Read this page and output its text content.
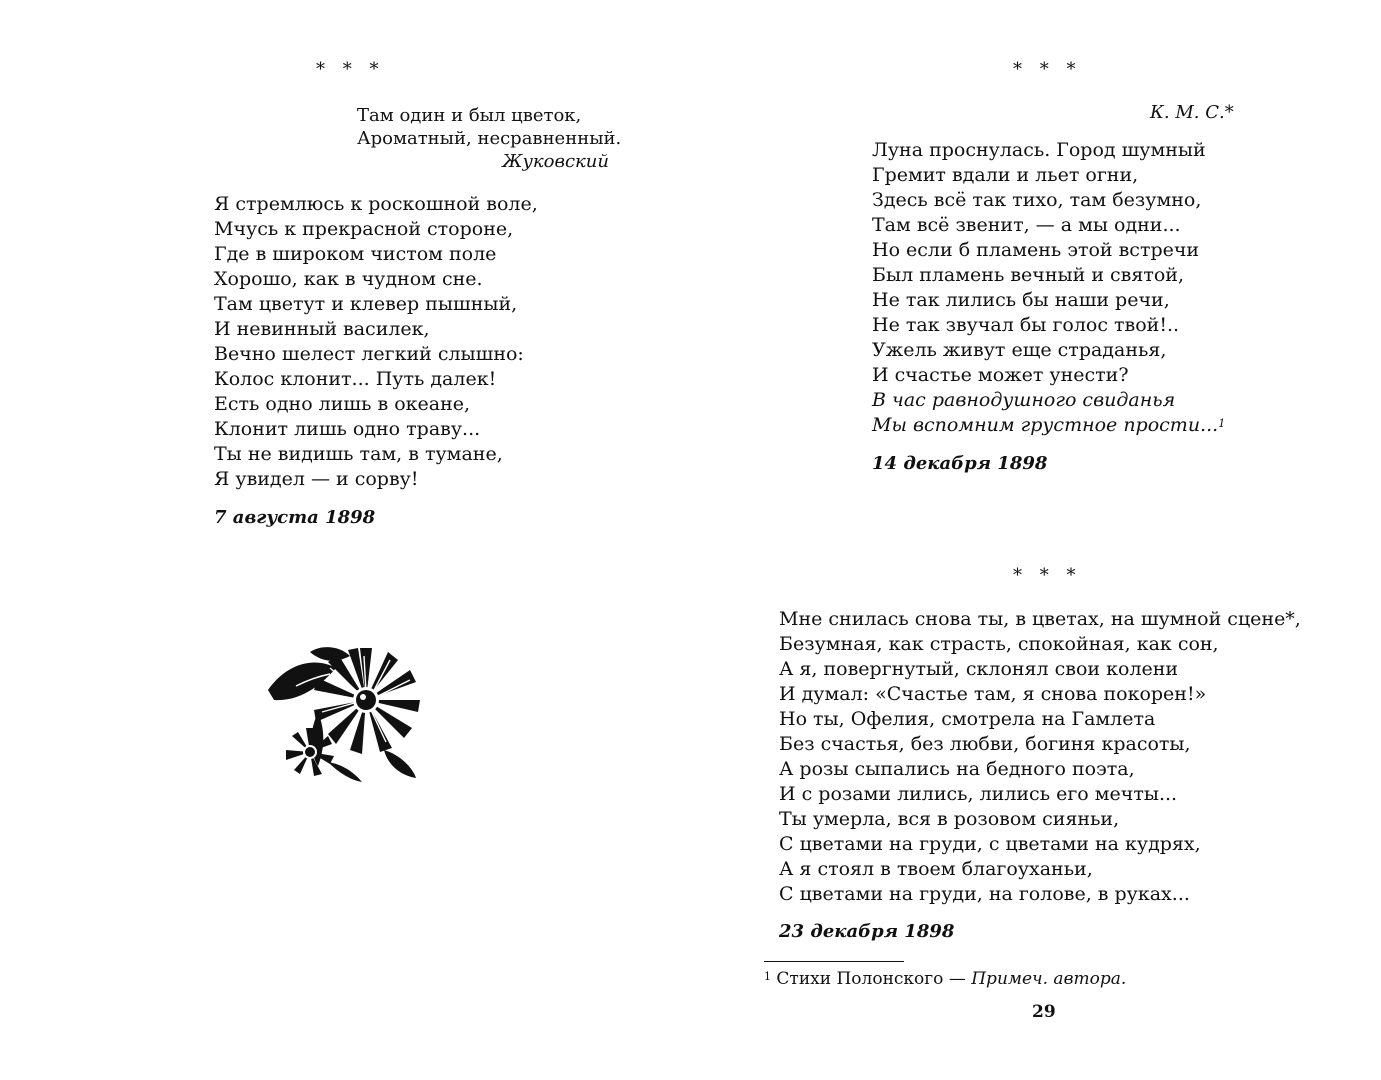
* * *
Там один и был цветок,
Ароматный, несравненный.
Жуковский
Я стремлюсь к роскошной воле,
Мчусь к прекрасной стороне,
Где в широком чистом поле
Хорошо, как в чудном сне.
Там цветут и клевер пышный,
И невинный василек,
Вечно шелест легкий слышно:
Колос клонит... Путь далек!
Есть одно лишь в океане,
Клонит лишь одно траву...
Ты не видишь там, в тумане,
Я увидел — и сорву!
7 августа 1898
* * *
К. М. С.*
Луна проснулась. Город шумный
Гремит вдали и льет огни,
Здесь всё так тихо, там безумно,
Там всё звенит, — а мы одни...
Но если б пламень этой встречи
Был пламень вечный и святой,
Не так лились бы наши речи,
Не так звучал бы голос твой!..
Ужель живут еще страданья,
И счастье может унести?
В час равнодушного свиданья
Мы вспомним грустное прости...$^1$
14 декабря 1898
* * *
Мне снилась снова ты, в цветах, на шумной сцене*,
Безумная, как страсть, спокойная, как сон,
А я, повергнутый, склонял свои колени
И думал: «Счастье там, я снова покорен!»
Но ты, Офелия, смотрела на Гамлета
Без счастья, без любви, богиня красоты,
А розы сыпались на бедного поэта,
И с розами лились, лились его мечты...
Ты умерла, вся в розовом сияньи,
С цветами на груди, с цветами на кудрях,
А я стоял в твоем благоуханьи,
С цветами на груди, на голове, в руках...
23 декабря 1898
$^1$ Стихи Полонского — Примеч. автора.
29
